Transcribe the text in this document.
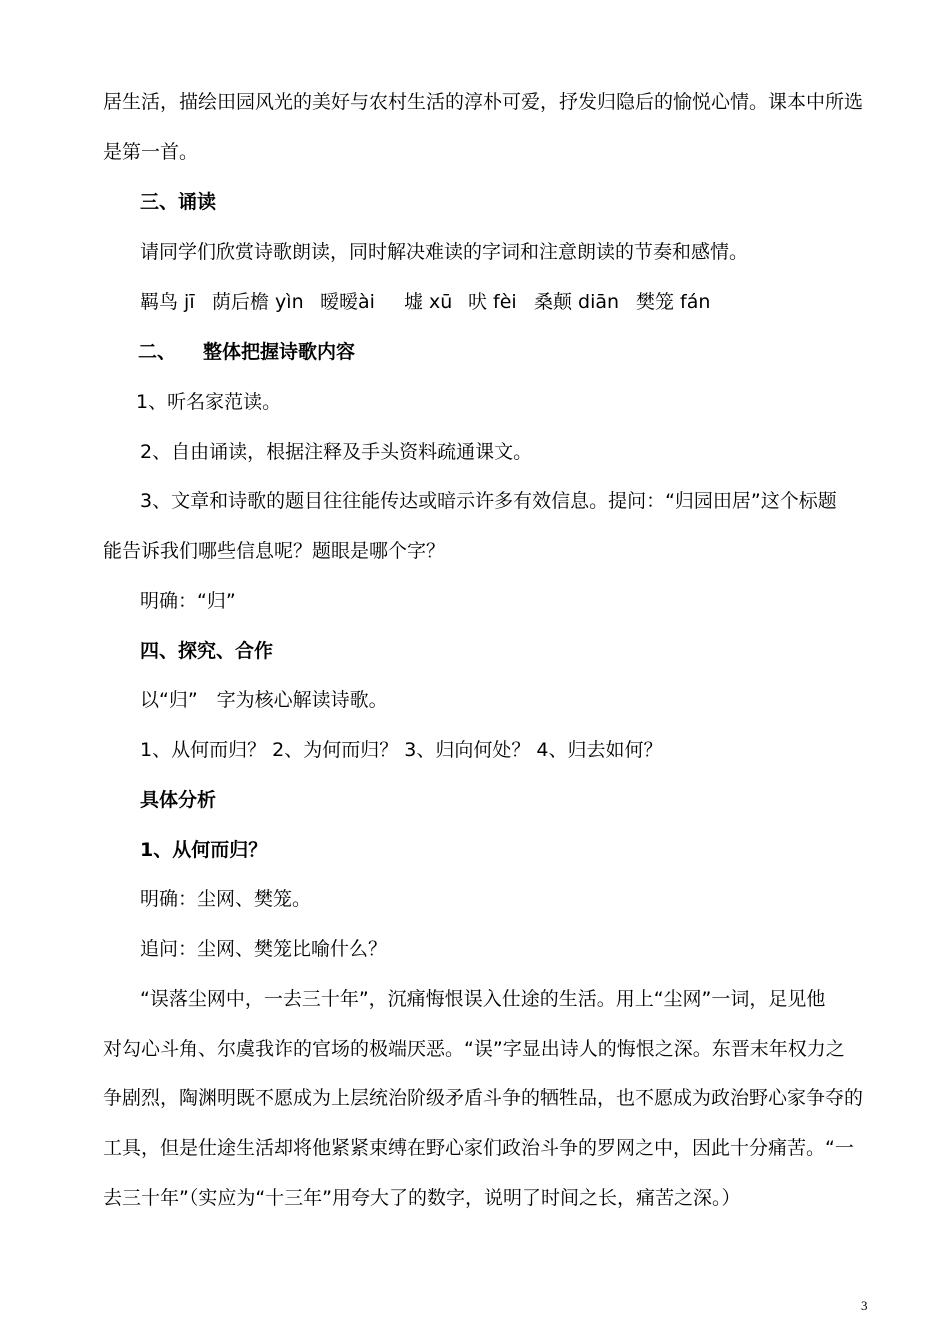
居生活，描绘田园风光的美好与农村生活的淳朴可爱，抒发归隐后的愉悦心情。课本中所选
是第一首。
三、诵读
请同学们欣赏诗歌朗读，同时解决难读的字词和注意朗读的节奏和感情。
羁鸟 jī 荫后檐 yìn 暧暧ài 墟 xū 吠 fèi 桑颠 diān 樊笼 fán
二、 整体把握诗歌内容
1、听名家范读。
2、自由诵读，根据注释及手头资料疏通课文。
3、文章和诗歌的题目往往能传达或暗示许多有效信息。提问：“归园田居”这个标题
能告诉我们哪些信息呢？题眼是哪个字？
明确：“归”
四、探究、合作
以“归”　字为核心解读诗歌。
1、从何而归？ 2、为何而归？ 3、归向何处？ 4、归去如何？
具体分析
1、从何而归？
明确：尘网、樊笼。
追问：尘网、樊笼比喻什么？
“误落尘网中，一去三十年”，沉痛悔恨误入仕途的生活。用上“尘网”一词，足见他
对勾心斗角、尔虞我诈的官场的极端厌恶。“误”字显出诗人的悔恨之深。东晋末年权力之
争剧烈，陶渊明既不愿成为上层统治阶级矛盾斗争的牺牲品，也不愿成为政治野心家争夺的
工具，但是仕途生活却将他紧紧束缚在野心家们政治斗争的罗网之中，因此十分痛苦。“一
去三十年”（实应为“十三年”用夸大了的数字，说明了时间之长，痛苦之深。）
3
